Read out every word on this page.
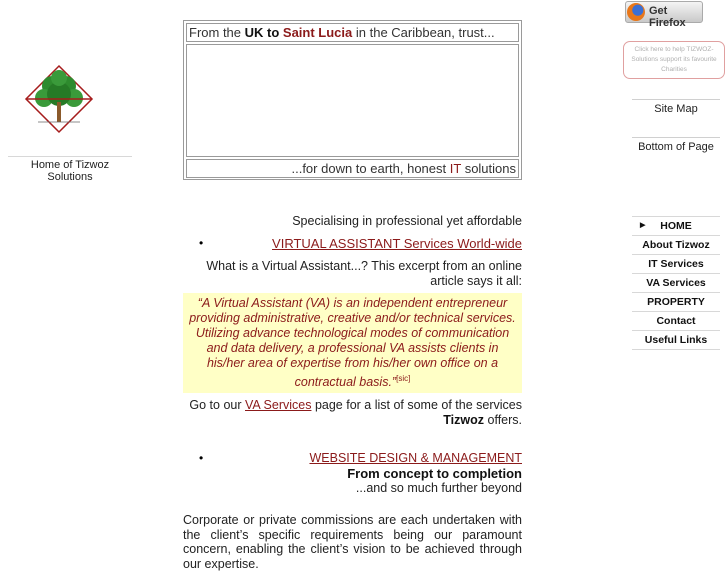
Home of Tizwoz Solutions
From the UK to Saint Lucia in the Caribbean, trust...
...for down to earth, honest IT solutions

Specialising in professional yet affordable

•	VIRTUAL ASSISTANT Services World-wide

What is a Virtual Assistant...? This excerpt from an online article says it all:

“A Virtual Assistant (VA) is an independent entrepreneur providing administrative, creative and/or technical services. Utilizing advance technological modes of communication and data delivery, a professional VA assists clients in his/her area of expertise from his/her own office on a contractual basis.”[sic]

Go to our VA Services page for a list of some of the services Tizwoz offers.

•	WEBSITE DESIGN & MANAGEMENT

From concept to completion

...and so much further beyond

Corporate or private commissions are each undertaken with the client’s specific requirements being our paramount concern, enabling the client’s vision to be achieved through our expertise.

Get Firefox
Click here to help TIZWOZ-Solutions support its favourite Charities
Site Map
Bottom of Page
▶ HOME
About Tizwoz
IT Services
VA Services
PROPERTY
Contact
Useful Links
